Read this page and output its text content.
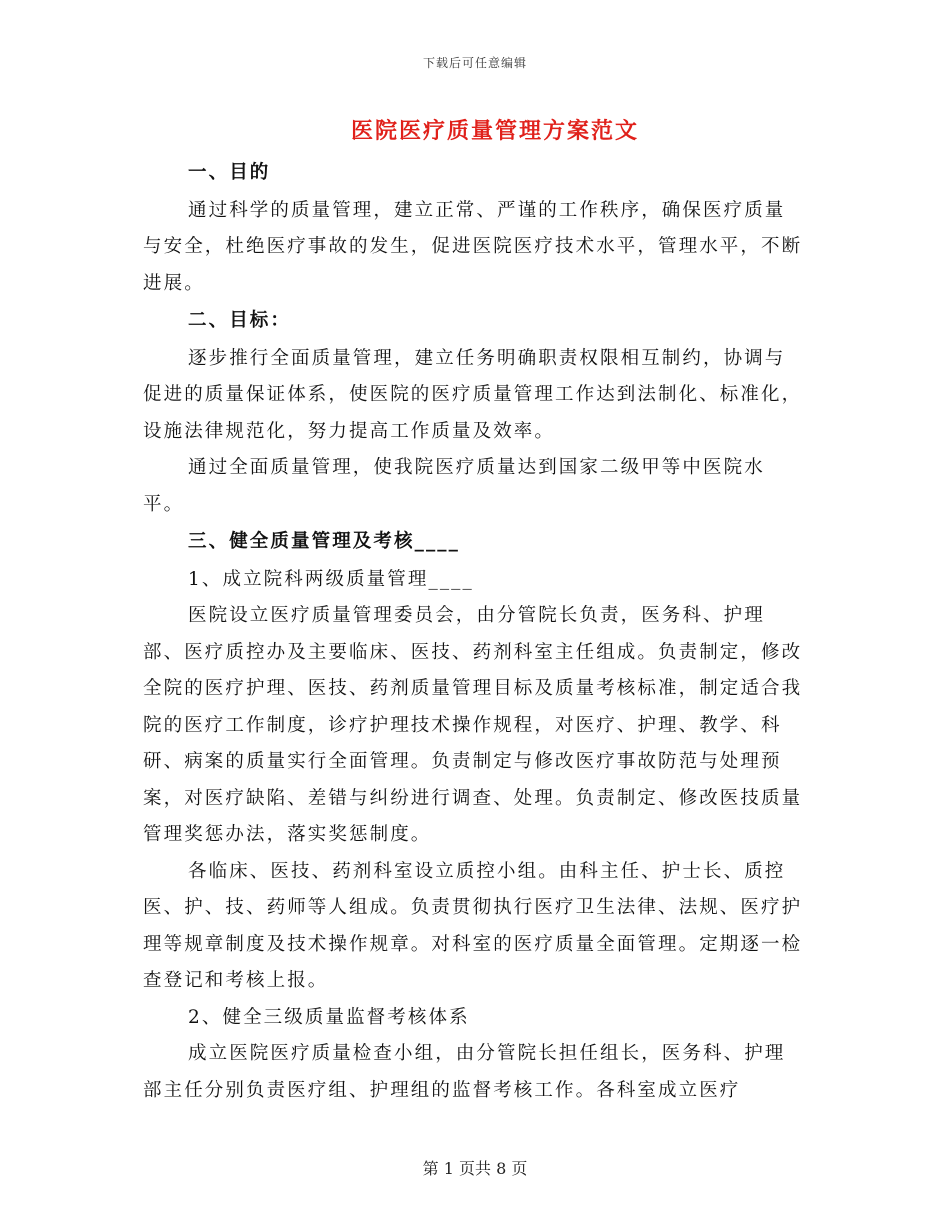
下载后可任意编辑
医院医疗质量管理方案范文

一、目的

通过科学的质量管理，建立正常、严谨的工作秩序，确保医疗质量与安全，杜绝医疗事故的发生，促进医院医疗技术水平，管理水平，不断进展。

二、目标：

逐步推行全面质量管理，建立任务明确职责权限相互制约，协调与促进的质量保证体系，使医院的医疗质量管理工作达到法制化、标准化，设施法律规范化，努力提高工作质量及效率。

通过全面质量管理，使我院医疗质量达到国家二级甲等中医院水平。

三、健全质量管理及考核____

1、成立院科两级质量管理____

医院设立医疗质量管理委员会，由分管院长负责，医务科、护理部、医疗质控办及主要临床、医技、药剂科室主任组成。负责制定，修改全院的医疗护理、医技、药剂质量管理目标及质量考核标准，制定适合我院的医疗工作制度，诊疗护理技术操作规程，对医疗、护理、教学、科研、病案的质量实行全面管理。负责制定与修改医疗事故防范与处理预案，对医疗缺陷、差错与纠纷进行调查、处理。负责制定、修改医技质量管理奖惩办法，落实奖惩制度。

各临床、医技、药剂科室设立质控小组。由科主任、护士长、质控医、护、技、药师等人组成。负责贯彻执行医疗卫生法律、法规、医疗护理等规章制度及技术操作规章。对科室的医疗质量全面管理。定期逐一检查登记和考核上报。

2、健全三级质量监督考核体系

成立医院医疗质量检查小组，由分管院长担任组长，医务科、护理部主任分别负责医疗组、护理组的监督考核工作。各科室成立医疗

第 1 页共 8 页
